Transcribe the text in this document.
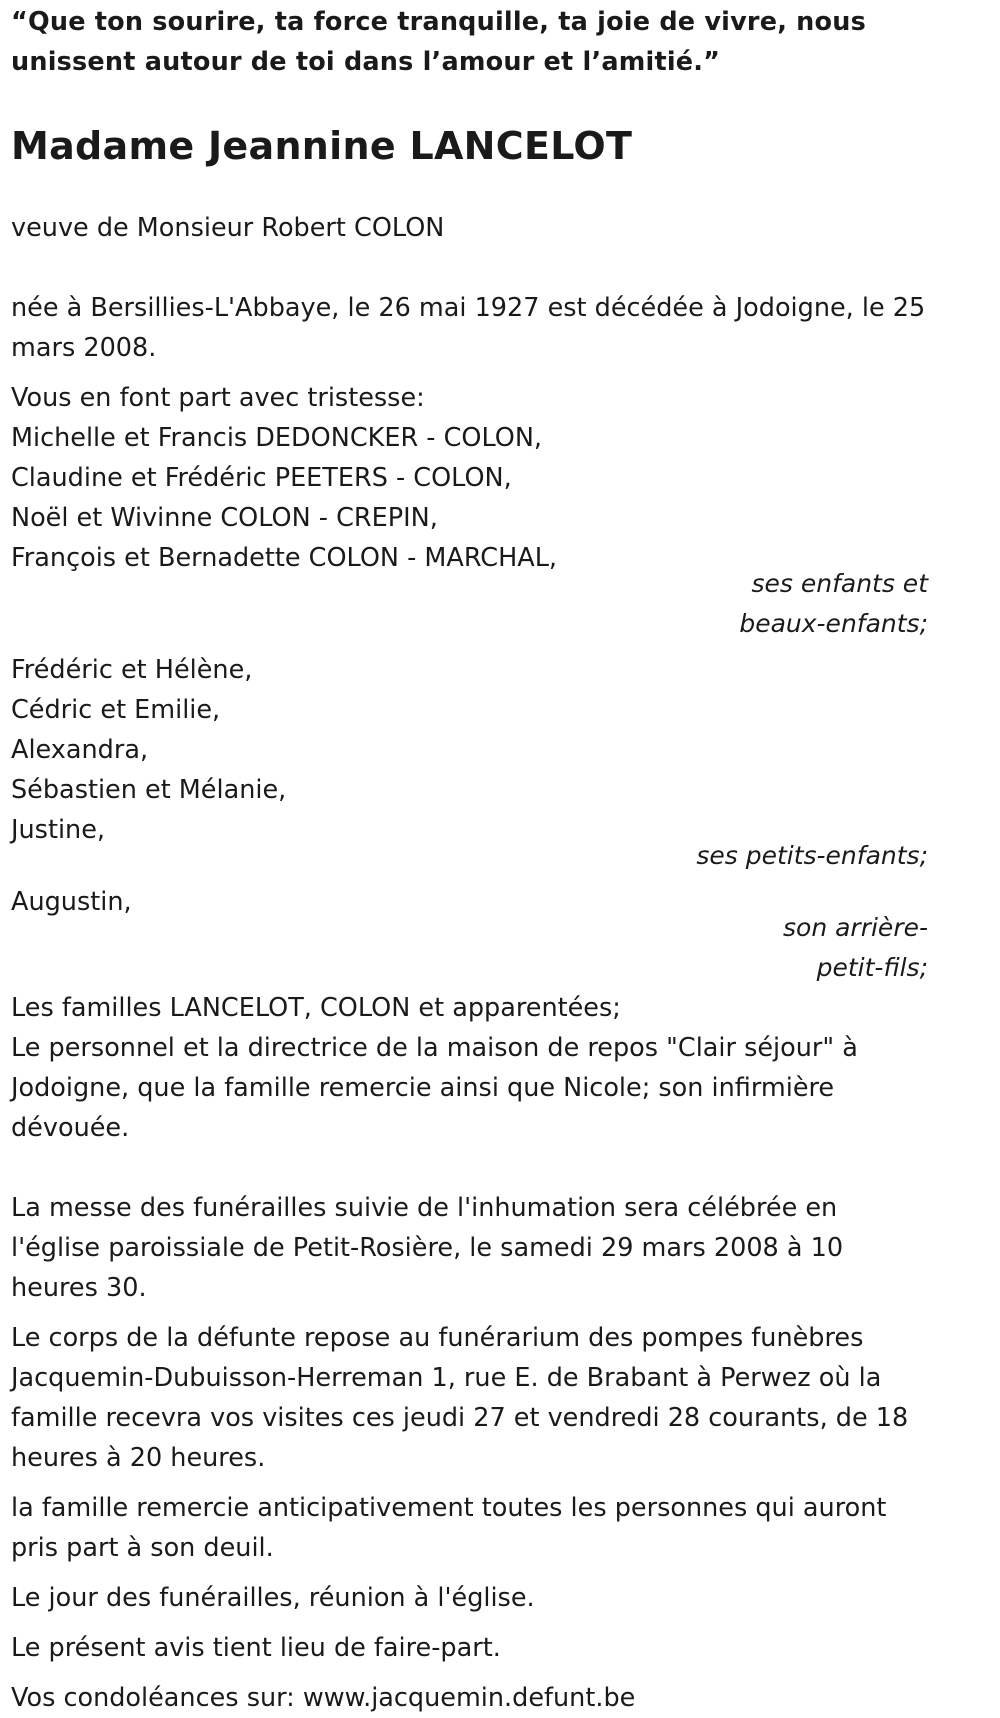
“Que ton sourire, ta force tranquille, ta joie de vivre, nous unissent autour de toi dans l’amour et l’amitié.”

Madame Jeannine LANCELOT

veuve de Monsieur Robert COLON

née à Bersillies-L'Abbaye, le 26 mai 1927 est décédée à Jodoigne, le 25 mars 2008.

Vous en font part avec tristesse:
Michelle et Francis DEDONCKER - COLON,
Claudine et Frédéric PEETERS - COLON,
Noël et Wivinne COLON - CREPIN,
François et Bernadette COLON - MARCHAL,
ses enfants et
beaux-enfants;
Frédéric et Hélène,
Cédric et Emilie,
Alexandra,
Sébastien et Mélanie,
Justine,
ses petits-enfants;
Augustin,
son arrière-
petit-fils;
Les familles LANCELOT, COLON et apparentées;
Le personnel et la directrice de la maison de repos "Clair séjour" à Jodoigne, que la famille remercie ainsi que Nicole; son infirmière dévouée.

La messe des funérailles suivie de l'inhumation sera célébrée en l'église paroissiale de Petit-Rosière, le samedi 29 mars 2008 à 10 heures 30.

Le corps de la défunte repose au funérarium des pompes funèbres Jacquemin-Dubuisson-Herreman 1, rue E. de Brabant à Perwez où la famille recevra vos visites ces jeudi 27 et vendredi 28 courants, de 18 heures à 20 heures.

la famille remercie anticipativement toutes les personnes qui auront pris part à son deuil.

Le jour des funérailles, réunion à l'église.

Le présent avis tient lieu de faire-part.

Vos condoléances sur: www.jacquemin.defunt.be
